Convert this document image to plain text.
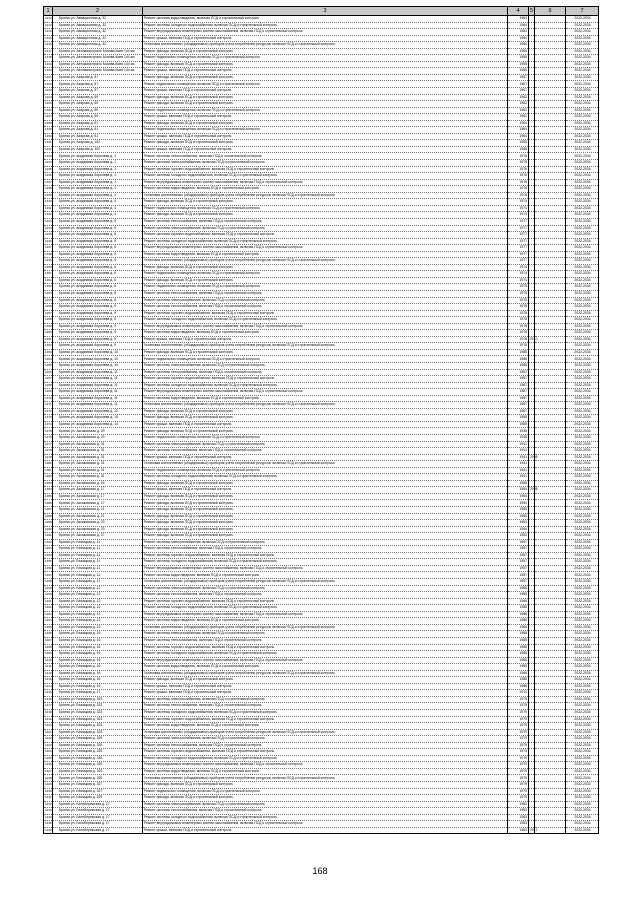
1	2	3	4	5	6	7
1312	Брянск ул. Авиационная д. 32	Ремонт системы водоотведения, включая ПСД и строительный контроль	1984			2032-2034
1313	Брянск ул. Авиационная д. 32	Ремонт системы холодного водоснабжения, включая ПСД и строительный контроль	1984			2032-2034
1314	Брянск ул. Авиационная д. 32	Ремонт внутридомовых инженерных систем газоснабжения, включая ПСД и строительный контроль	1984			2032-2034
1315	Брянск ул. Авиационная д. 32	Ремонт крыши, включая ПСД и строительный контроль	1984			2032-2034
1316	Брянск ул. Авиационная д. 32	Установка коллективных (общедомовых) приборов учета потребления ресурсов, включая ПСД и строительный контроль	1984			2032-2034
1317	Брянск ул. Автомагистраль Москва-Киев 144 км	Ремонт фасада, включая ПСД и строительный контроль	1955			2032-2034
1318	Брянск ул. Автомагистраль Москва-Киев 144 км	Ремонт подвального помещения, включая ПСД и строительный контроль	1955			2032-2034
1319	Брянск ул. Автомагистраль Москва-Киев 144 км	Ремонт фасада, включая ПСД и строительный контроль	1955			2032-2034
1320	Брянск ул. Автомагистраль Москва-Киев 144 км	Ремонт крыши, включая ПСД и строительный контроль	1955			2032-2034
1321	Брянск ул. Азарова д. 57	Ремонт фасада, включая ПСД и строительный контроль	1967			2032-2034
1322	Брянск ул. Азарова д. 57	Ремонт подвального помещения, включая ПСД и строительный контроль	1967			2032-2034
1323	Брянск ул. Азарова д. 57	Ремонт крыши, включая ПСД и строительный контроль	1967			2032-2034
1324	Брянск ул. Азарова д. 59	Ремонт фасада, включая ПСД и строительный контроль	1962			2032-2034
1325	Брянск ул. Азарова д. 59	Ремонт фасада, включая ПСД и строительный контроль	1962			2032-2034
1326	Брянск ул. Азарова д. 59	Ремонт подвального помещения, включая ПСД и строительный контроль	1962			2032-2034
1327	Брянск ул. Азарова д. 59	Ремонт крыши, включая ПСД и строительный контроль	1962			2032-2034
1328	Брянск ул. Азарова д. 61	Ремонт фасада, включая ПСД и строительный контроль	1964			2032-2034
1329	Брянск ул. Азарова д. 61	Ремонт подвального помещения, включая ПСД и строительный контроль	1964			2032-2034
1330	Брянск ул. Азарова д. 61	Ремонт крыши, включая ПСД и строительный контроль	1964			2032-2034
1331	Брянск ул. Азарова д. 102	Ремонт фасада, включая ПСД и строительный контроль	1958			2032-2034
1332	Брянск ул. Азарова д. 102	Ремонт крыши, включая ПСД и строительный контроль	1958			2032-2034
1333	Брянск ул. академика Королева д. 1	Ремонт системы теплоснабжения, включая ПСД и строительный контроль	1976			2032-2034
1334	Брянск ул. академика Королева д. 1	Ремонт системы электроснабжения, включая ПСД и строительный контроль	1976			2032-2034
1335	Брянск ул. академика Королева д. 1	Ремонт системы горячего водоснабжения, включая ПСД и строительный контроль	1976			2032-2034
1336	Брянск ул. академика Королева д. 1	Ремонт системы холодного водоснабжения, включая ПСД и строительный контроль	1976			2032-2034
1337	Брянск ул. академика Королева д. 1	Ремонт внутридомовых инженерных систем газоснабжения, включая ПСД и строительный контроль	1976			2032-2034
1338	Брянск ул. академика Королева д. 1	Ремонт системы водоотведения, включая ПСД и строительный контроль	1976			2032-2034
1339	Брянск ул. академика Королева д. 1	Установка коллективных (общедомовых) приборов учета потребления ресурсов, включая ПСД и строительный контроль	1976			2032-2034
1340	Брянск ул. академика Королева д. 4	Ремонт фасада, включая ПСД и строительный контроль	1974			2032-2034
1341	Брянск ул. академика Королева д. 4	Ремонт подвального помещения, включая ПСД и строительный контроль	1974			2032-2034
1342	Брянск ул. академика Королева д. 4	Ремонт фасада, включая ПСД и строительный контроль	1974			2032-2034
1343	Брянск ул. академика Королева д. 5	Ремонт системы теплоснабжения, включая ПСД и строительный контроль	1977			2032-2034
1344	Брянск ул. академика Королева д. 5	Ремонт системы электроснабжения, включая ПСД и строительный контроль	1977			2032-2034
1345	Брянск ул. академика Королева д. 5	Ремонт системы горячего водоснабжения, включая ПСД и строительный контроль	1977			2032-2034
1346	Брянск ул. академика Королева д. 5	Ремонт системы холодного водоснабжения, включая ПСД и строительный контроль	1977			2032-2034
1347	Брянск ул. академика Королева д. 5	Ремонт внутридомовых инженерных систем газоснабжения, включая ПСД и строительный контроль	1977			2032-2034
1348	Брянск ул. академика Королева д. 5	Ремонт системы водоотведения, включая ПСД и строительный контроль	1977			2032-2034
1349	Брянск ул. академика Королева д. 5	Установка коллективных (общедомовых) приборов учета потребления ресурсов, включая ПСД и строительный контроль	1977			2032-2034
1350	Брянск ул. академика Королева д. 6	Ремонт фасада, включая ПСД и строительный контроль	1974			2032-2034
1351	Брянск ул. академика Королева д. 6	Ремонт подвального помещения, включая ПСД и строительный контроль	1974			2032-2034
1352	Брянск ул. академика Королева д. 6	Ремонт фасада, включая ПСД и строительный контроль	1974			2032-2034
1353	Брянск ул. академика Королева д. 8	Ремонт подвального помещения, включая ПСД и строительный контроль	1975			2032-2034
1354	Брянск ул. академика Королева д. 8	Ремонт системы теплоснабжения, включая ПСД и строительный контроль	1975			2032-2034
1355	Брянск ул. академика Королева д. 8	Ремонт системы электроснабжения, включая ПСД и строительный контроль	1975			2032-2034
1356	Брянск ул. академика Королева д. 9	Ремонт системы теплоснабжения, включая ПСД и строительный контроль	1978			2032-2034
1357	Брянск ул. академика Королева д. 9	Ремонт системы горячего водоснабжения, включая ПСД и строительный контроль	1978			2032-2034
1358	Брянск ул. академика Королева д. 9	Ремонт системы холодного водоснабжения, включая ПСД и строительный контроль	1978			2032-2034
1359	Брянск ул. академика Королева д. 9	Ремонт внутридомовых инженерных систем газоснабжения, включая ПСД и строительный контроль	1978			2032-2034
1360	Брянск ул. академика Королева д. 9	Ремонт системы водоотведения, включая ПСД и строительный контроль	1978			2032-2034
1361	Брянск ул. академика Королева д. 9	Ремонт крыши, включая ПСД и строительный контроль	1978	2010		2032-2034
1362	Брянск ул. академика Королева д. 9	Установка коллективных (общедомовых) приборов учета потребления ресурсов, включая ПСД и строительный контроль	1978			2032-2034
1363	Брянск ул. академика Королева д. 10	Ремонт фасада, включая ПСД и строительный контроль	1988			2032-2034
1364	Брянск ул. академика Королева д. 10	Ремонт подвального помещения, включая ПСД и строительный контроль	1988			2032-2034
1365	Брянск ул. академика Королева д. 10	Ремонт системы электроснабжения, включая ПСД и строительный контроль	1988			2032-2034
1366	Брянск ул. академика Королева д. 11	Ремонт системы теплоснабжения, включая ПСД и строительный контроль	1987			2032-2034
1367	Брянск ул. академика Королева д. 11	Ремонт системы горячего водоснабжения, включая ПСД и строительный контроль	1987			2032-2034
1368	Брянск ул. академика Королева д. 11	Ремонт системы холодного водоснабжения, включая ПСД и строительный контроль	1987			2032-2034
1369	Брянск ул. академика Королева д. 11	Ремонт внутридомовых инженерных систем газоснабжения, включая ПСД и строительный контроль	1987			2032-2034
1370	Брянск ул. академика Королева д. 11	Ремонт системы водоотведения, включая ПСД и строительный контроль	1987			2032-2034
1371	Брянск ул. академика Королева д. 11	Установка коллективных (общедомовых) приборов учета потребления ресурсов, включая ПСД и строительный контроль	1987			2032-2034
1372	Брянск ул. академика Королева д. 12	Ремонт фасада, включая ПСД и строительный контроль	1987			2032-2034
1373	Брянск ул. академика Королева д. 14	Ремонт фасада, включая ПСД и строительный контроль	1955			2032-2034
1374	Брянск ул. академика Королева д. 14	Ремонт крыши, включая ПСД и строительный контроль	1955			2032-2034
1375	Брянск ул. Аксаковская д. 29	Ремонт фасада, включая ПСД и строительный контроль	1938			2032-2034
1376	Брянск ул. Аксаковская д. 29	Ремонт подвального помещения, включая ПСД и строительный контроль	1938			2032-2034
1377	Брянск ул. Аксаковская д. 31	Ремонт системы электроснабжения, включая ПСД и строительный контроль	1941			2032-2034
1378	Брянск ул. Аксаковская д. 31	Ремонт системы теплоснабжения, включая ПСД и строительный контроль	1941			2032-2034
1379	Брянск ул. Аксаковская д. 31	Ремонт крыши, включая ПСД и строительный контроль	1941	2008		2032-2034
1380	Брянск ул. Аксаковская д. 31	Установка коллективных (общедомовых) приборов учета потребления ресурсов, включая ПСД и строительный контроль	1941			2032-2034
1381	Брянск ул. Аксаковская д. 31	Ремонт подвального помещения, включая ПСД и строительный контроль	1941			2032-2034
1382	Брянск ул. Аксаковская д. 31	Ремонт системы холодного водоснабжения, включая ПСД и строительный контроль	1941			2032-2034
1383	Брянск ул. Аксаковская д. 16	Ремонт фасада, включая ПСД и строительный контроль	1955			2032-2034
1384	Брянск ул. Аксаковская д. 17	Ремонт крыши, включая ПСД и строительный контроль	1954	2008		2032-2034
1385	Брянск ул. Аксаковская д. 17	Ремонт фасада, включая ПСД и строительный контроль	1954			2032-2034
1386	Брянск ул. Аксаковская д. 17	Ремонт фасада, включая ПСД и строительный контроль	1954			2032-2034
1387	Брянск ул. Аксаковская д. 21	Ремонт фасада, включая ПСД и строительный контроль	1955			2032-2034
1388	Брянск ул. Аксаковская д. 21	Ремонт фасада, включая ПСД и строительный контроль	1955			2032-2034
1389	Брянск ул. Аксаковская д. 23	Ремонт фасада, включая ПСД и строительный контроль	1954			2032-2034
1390	Брянск ул. Аксаковская д. 23	Ремонт фасада, включая ПСД и строительный контроль	1954			2032-2034
1391	Брянск ул. Аксаковская д. 27	Ремонт фасада, включая ПСД и строительный контроль	1952			2032-2034
1392	Брянск ул. Бежицкая д. 11	Ремонт системы электроснабжения, включая ПСД и строительный контроль	1957			2032-2034
1393	Брянск ул. Бежицкая д. 11	Ремонт системы теплоснабжения, включая ПСД и строительный контроль	1957			2032-2034
1394	Брянск ул. Бежицкая д. 11	Ремонт системы горячего водоснабжения, включая ПСД и строительный контроль	1957			2032-2034
1395	Брянск ул. Бежицкая д. 11	Ремонт системы холодного водоснабжения, включая ПСД и строительный контроль	1957			2032-2034
1396	Брянск ул. Бежицкая д. 11	Ремонт внутридомовых инженерных систем газоснабжения, включая ПСД и строительный контроль	1957			2032-2034
1397	Брянск ул. Бежицкая д. 11	Ремонт системы водоотведения, включая ПСД и строительный контроль	1957			2032-2034
1398	Брянск ул. Бежицкая д. 11	Установка коллективных (общедомовых) приборов учета потребления ресурсов, включая ПСД и строительный контроль	1957			2032-2034
1399	Брянск ул. Бежицкая д. 12	Ремонт системы электроснабжения, включая ПСД и строительный контроль	1988			2032-2034
1400	Брянск ул. Бежицкая д. 12	Ремонт системы теплоснабжения, включая ПСД и строительный контроль	1988			2032-2034
1401	Брянск ул. Бежицкая д. 12	Ремонт системы горячего водоснабжения, включая ПСД и строительный контроль	1988			2032-2034
1402	Брянск ул. Бежицкая д. 12	Ремонт системы холодного водоснабжения, включая ПСД и строительный контроль	1988			2032-2034
1403	Брянск ул. Бежицкая д. 12	Ремонт внутридомовых инженерных систем газоснабжения, включая ПСД и строительный контроль	1988			2032-2034
1404	Брянск ул. Бежицкая д. 12	Ремонт системы водоотведения, включая ПСД и строительный контроль	1988			2032-2034
1405	Брянск ул. Бежицкая д. 12	Установка коллективных (общедомовых) приборов учета потребления ресурсов, включая ПСД и строительный контроль	1988			2032-2034
1406	Брянск ул. Бежицкая д. 16	Ремонт системы электроснабжения, включая ПСД и строительный контроль	1988			2032-2034
1407	Брянск ул. Бежицкая д. 16	Ремонт системы теплоснабжения, включая ПСД и строительный контроль	1988			2032-2034
1408	Брянск ул. Бежицкая д. 16	Ремонт системы горячего водоснабжения, включая ПСД и строительный контроль	1988			2032-2034
1409	Брянск ул. Бежицкая д. 16	Ремонт системы холодного водоснабжения, включая ПСД и строительный контроль	1988			2032-2034
1410	Брянск ул. Бежицкая д. 16	Ремонт внутридомовых инженерных систем газоснабжения, включая ПСД и строительный контроль	1988			2032-2034
1411	Брянск ул. Бежицкая д. 16	Ремонт системы водоотведения, включая ПСД и строительный контроль	1988			2032-2034
1412	Брянск ул. Бежицкая д. 16	Установка коллективных (общедомовых) приборов учета потребления ресурсов, включая ПСД и строительный контроль	1988			2032-2034
1413	Брянск ул. Бежицкая д. 16	Ремонт фасада, включая ПСД и строительный контроль	1988			2032-2034
1414	Брянск ул. Бежицкая д. 16	Ремонт крыши, включая ПСД и строительный контроль	1988			2032-2034
1415	Брянск ул. Бежицкая д. 17	Ремонт крыши, включая ПСД и строительный контроль	2013			2032-2034
1416	Брянск ул. Бежицкая д. 323	Ремонт системы электроснабжения, включая ПСД и строительный контроль	1979			2032-2034
1417	Брянск ул. Бежицкая д. 323	Ремонт системы теплоснабжения, включая ПСД и строительный контроль	1979			2032-2034
1418	Брянск ул. Бежицкая д. 323	Ремонт системы холодного водоснабжения, включая ПСД и строительный контроль	1979			2032-2034
1419	Брянск ул. Бежицкая д. 323	Ремонт системы горячего водоснабжения, включая ПСД и строительный контроль	1979			2032-2034
1420	Брянск ул. Бежицкая д. 323	Ремонт системы водоотведения, включая ПСД и строительный контроль	1979			2032-2034
1421	Брянск ул. Бежицкая д. 323	Установка коллективных (общедомовых) приборов учета потребления ресурсов, включая ПСД и строительный контроль	1979			2032-2034
1422	Брянск ул. Бежицкая д. 325	Ремонт системы электроснабжения, включая ПСД и строительный контроль	1979			2032-2034
1423	Брянск ул. Бежицкая д. 325	Ремонт системы теплоснабжения, включая ПСД и строительный контроль	1979			2032-2034
1424	Брянск ул. Бежицкая д. 325	Ремонт системы горячего водоснабжения, включая ПСД и строительный контроль	1979			2032-2034
1425	Брянск ул. Бежицкая д. 325	Ремонт системы холодного водоснабжения, включая ПСД и строительный контроль	1979			2032-2034
1426	Брянск ул. Бежицкая д. 325	Ремонт внутридомовых инженерных систем газоснабжения, включая ПСД и строительный контроль	1979			2032-2034
1427	Брянск ул. Бежицкая д. 325	Ремонт системы водоотведения, включая ПСД и строительный контроль	1979			2032-2034
1428	Брянск ул. Бежицкая д. 325	Установка коллективных (общедомовых) приборов учета потребления ресурсов, включая ПСД и строительный контроль	1979			2032-2034
1429	Брянск ул. Бежицкая д. 327	Ремонт фасада, включая ПСД и строительный контроль	1979			2032-2034
1430	Брянск ул. Бежицкая д. 327	Ремонт подвального помещения, включая ПСД и строительный контроль	1979			2032-2034
1431	Брянск ул. Бежицкая д. 329	Ремонт фасада, включая ПСД и строительный контроль	1979			2032-2034
1432	Брянск ул. Белобережская д. 17	Ремонт системы электроснабжения, включая ПСД и строительный контроль	1983			2032-2034
1433	Брянск ул. Белобережская д. 17	Ремонт системы теплоснабжения, включая ПСД и строительный контроль	1983			2032-2034
1434	Брянск ул. Белобережская д. 17	Ремонт системы холодного водоснабжения, включая ПСД и строительный контроль	1983			2032-2034
1435	Брянск ул. Белобережская д. 17	Ремонт внутридомовых инженерных систем газоснабжения, включая ПСД и строительный контроль	1983			2032-2034
1436	Брянск ул. Белобережская д. 17	Ремонт крыши, включая ПСД и строительный контроль	1983	2012		2032-2034
168
